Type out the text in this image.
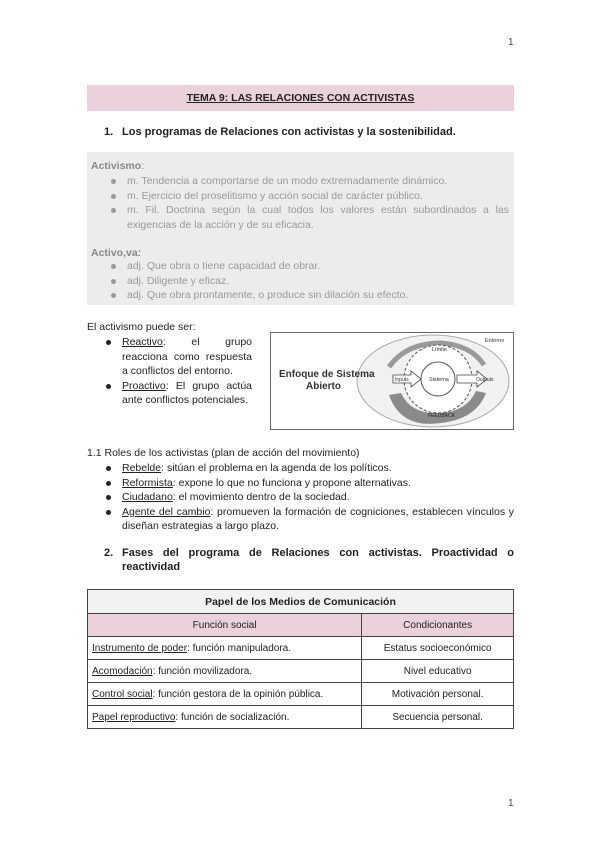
1
1
TEMA 9: LAS RELACIONES CON ACTIVISTAS
1. Los programas de Relaciones con activistas y la sostenibilidad.
Activismo:
m. Tendencia a comportarse de un modo extremadamente dinámico.
m. Ejercicio del proselitismo y acción social de carácter público.
m. Fil. Doctrina según la cual todos los valores están subordinados a las exigencias de la acción y de su eficacia.
Activo,va:
adj. Que obra o tiene capacidad de obrar.
adj. Diligente y eficaz.
adj. Que obra prontamente, o produce sin dilación su efecto.
El activismo puede ser:
Reactivo: el grupo reacciona como respuesta a conflictos del entorno.
Proactivo: El grupo actúa ante conflictos potenciales.
Enfoque de Sistema
Abierto
Entorno
Límite
Sistema
Inputs	Outputs
FEEDBACK
1.1 Roles de los activistas (plan de acción del movimiento)
Rebelde: sitúan el problema en la agenda de los políticos.
Reformista: expone lo que no funciona y propone alternativas.
Ciudadano: el movimiento dentro de la sociedad.
Agente del cambio: promueven la formación de cogniciones, establecen vínculos y diseñan estrategias a largo plazo.
2. Fases del programa de Relaciones con activistas. Proactividad o
reactividad
Papel de los Medios de Comunicación	
Función social	Condicionantes
Instrumento de poder: función manipuladora.	Estatus socioeconómico
Acomodación: función movilizadora.	Nivel educativo
Control social: función gestora de la opinión pública.	Motivación personal.
Papel reproductivo: función de socialización.	Secuencia personal.
